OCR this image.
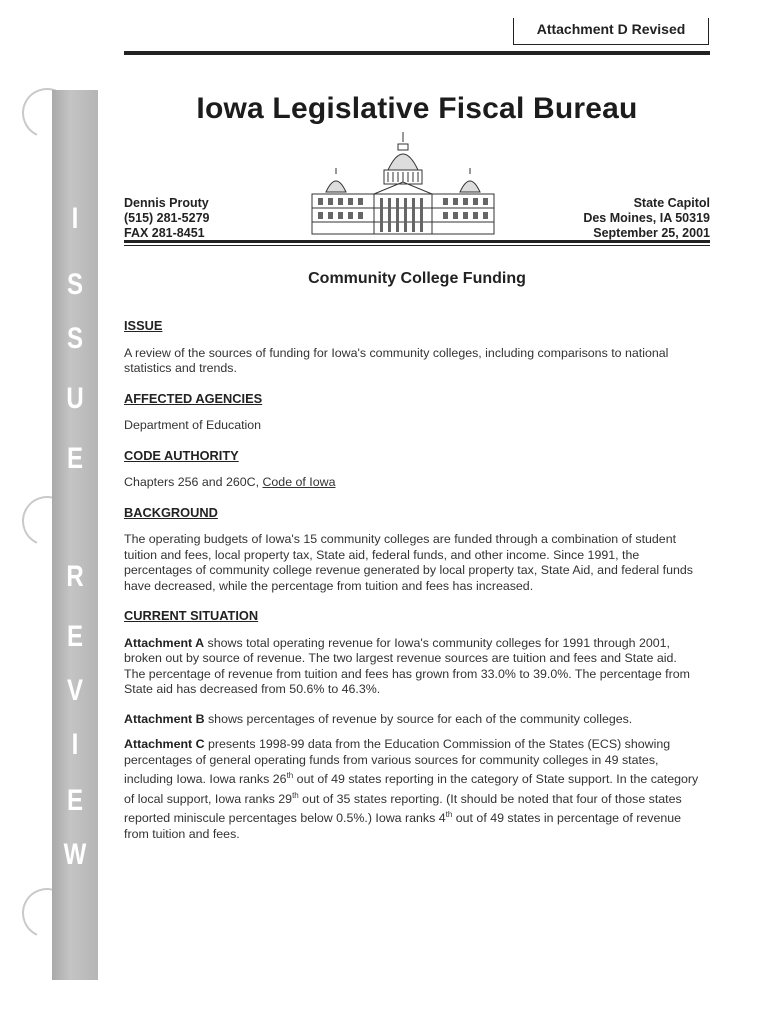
I
S
S
U
E
R
E
V
I
E
W
Attachment D Revised
Iowa Legislative Fiscal Bureau
Dennis Prouty
(515) 281-5279
FAX 281-8451
State Capitol
Des Moines, IA 50319
September 25, 2001
Community College Funding
ISSUE
A review of the sources of funding for Iowa's community colleges, including comparisons to national statistics and trends.
AFFECTED AGENCIES
Department of Education
CODE AUTHORITY
Chapters 256 and 260C, Code of Iowa
BACKGROUND
The operating budgets of Iowa's 15 community colleges are funded through a combination of student tuition and fees, local property tax, State aid, federal funds, and other income. Since 1991, the percentages of community college revenue generated by local property tax, State Aid, and federal funds have decreased, while the percentage from tuition and fees has increased.
CURRENT SITUATION
Attachment A shows total operating revenue for Iowa's community colleges for 1991 through 2001, broken out by source of revenue. The two largest revenue sources are tuition and fees and State aid. The percentage of revenue from tuition and fees has grown from 33.0% to 39.0%. The percentage from State aid has decreased from 50.6% to 46.3%.
Attachment B shows percentages of revenue by source for each of the community colleges.
Attachment C presents 1998-99 data from the Education Commission of the States (ECS) showing percentages of general operating funds from various sources for community colleges in 49 states, including Iowa. Iowa ranks 26th out of 49 states reporting in the category of State support. In the category of local support, Iowa ranks 29th out of 35 states reporting. (It should be noted that four of those states reported miniscule percentages below 0.5%.) Iowa ranks 4th out of 49 states in percentage of revenue from tuition and fees.
